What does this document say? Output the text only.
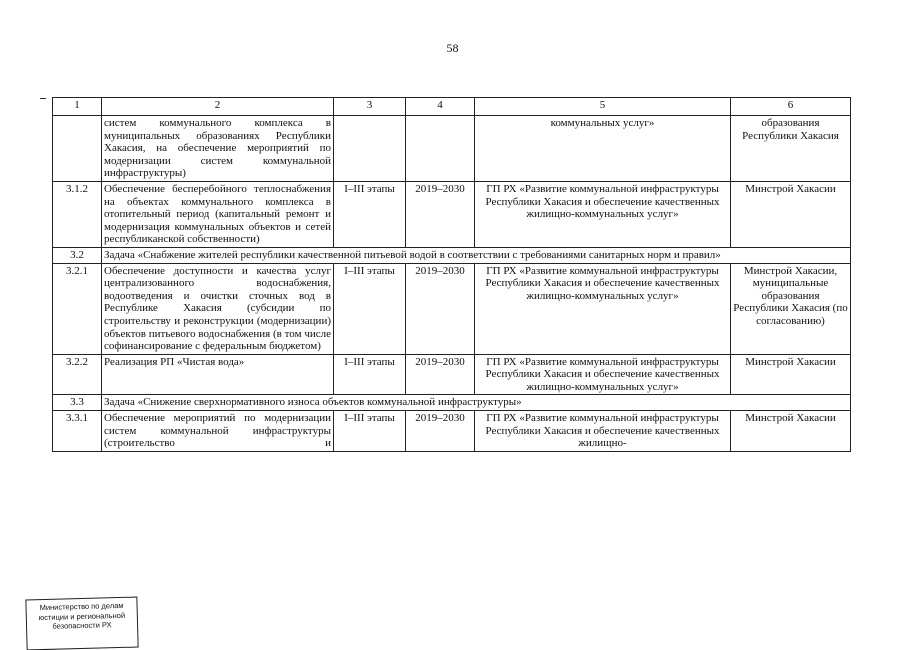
58
1	2	3	4	5	6
	систем коммунального комплекса в муниципальных образованиях Республики Хакасия, на обеспечение мероприятий по модернизации систем коммунальной инфраструктуры)			коммунальных услуг»	образования Республики Хакасия
3.1.2	Обеспечение бесперебойного теплоснабжения на объектах коммунального комплекса в отопительный период (капитальный ремонт и модернизация коммунальных объектов и сетей республиканской собственности)	I–III этапы	2019–2030	ГП РХ «Развитие коммунальной инфраструктуры Республики Хакасия и обеспечение качественных жилищно-коммунальных услуг»	Минстрой Хакасии
3.2	Задача «Снабжение жителей республики качественной питьевой водой в соответствии с требованиями санитарных норм и правил»				
3.2.1	Обеспечение доступности и качества услуг централизованного водоснабжения, водоотведения и очистки сточных вод в Республике Хакасия (субсидии по строительству и реконструкции (модернизации) объектов питьевого водоснабжения (в том числе софинансирование с федеральным бюджетом)	I–III этапы	2019–2030	ГП РХ «Развитие коммунальной инфраструктуры Республики Хакасия и обеспечение качественных жилищно-коммунальных услуг»	Минстрой Хакасии, муниципальные образования Республики Хакасия (по согласованию)
3.2.2	Реализация РП «Чистая вода»	I–III этапы	2019–2030	ГП РХ «Развитие коммунальной инфраструктуры Республики Хакасия и обеспечение качественных жилищно-коммунальных услуг»	Минстрой Хакасии
3.3	Задача «Снижение сверхнормативного износа объектов коммунальной инфраструктуры»				
3.3.1	Обеспечение мероприятий по модернизации систем коммунальной инфраструктуры (строительство и	I–III этапы	2019–2030	ГП РХ «Развитие коммунальной инфраструктуры Республики Хакасия и обеспечение качественных жилищно-	Минстрой Хакасии
Министерство по делам юстиции и региональной безопасности РХ
